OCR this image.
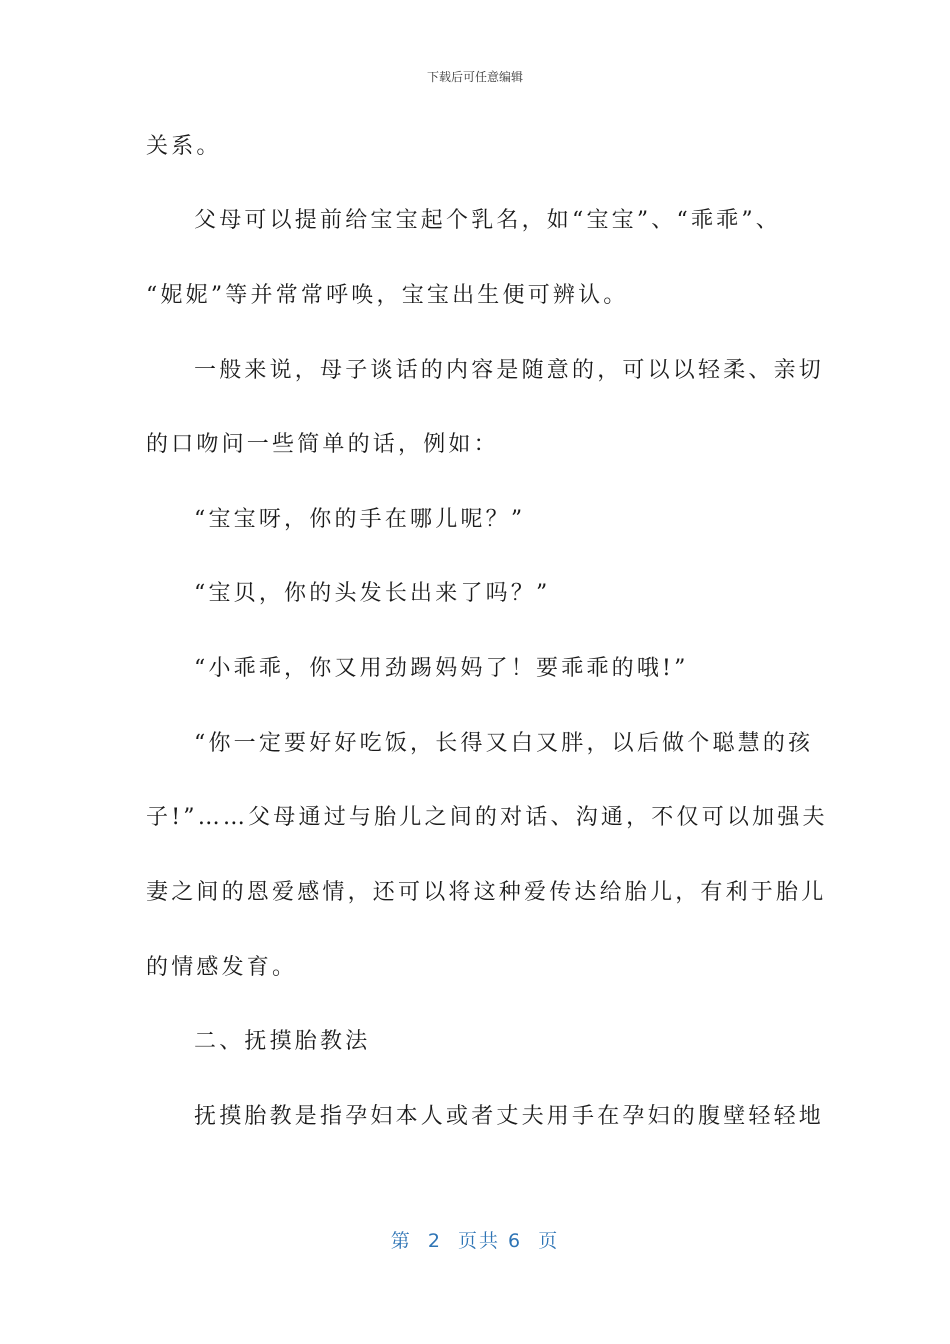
下载后可任意编辑
关系。
父母可以提前给宝宝起个乳名，如“宝宝”、“乖乖”、
“妮妮”等并常常呼唤，宝宝出生便可辨认。
一般来说，母子谈话的内容是随意的，可以以轻柔、亲切
的口吻问一些简单的话，例如：
“宝宝呀，你的手在哪儿呢？”
“宝贝，你的头发长出来了吗？”
“小乖乖，你又用劲踢妈妈了！要乖乖的哦!”
“你一定要好好吃饭，长得又白又胖，以后做个聪慧的孩
子!”……父母通过与胎儿之间的对话、沟通，不仅可以加强夫
妻之间的恩爱感情，还可以将这种爱传达给胎儿，有利于胎儿
的情感发育。
二、抚摸胎教法
抚摸胎教是指孕妇本人或者丈夫用手在孕妇的腹壁轻轻地
第  2  页共 6  页
